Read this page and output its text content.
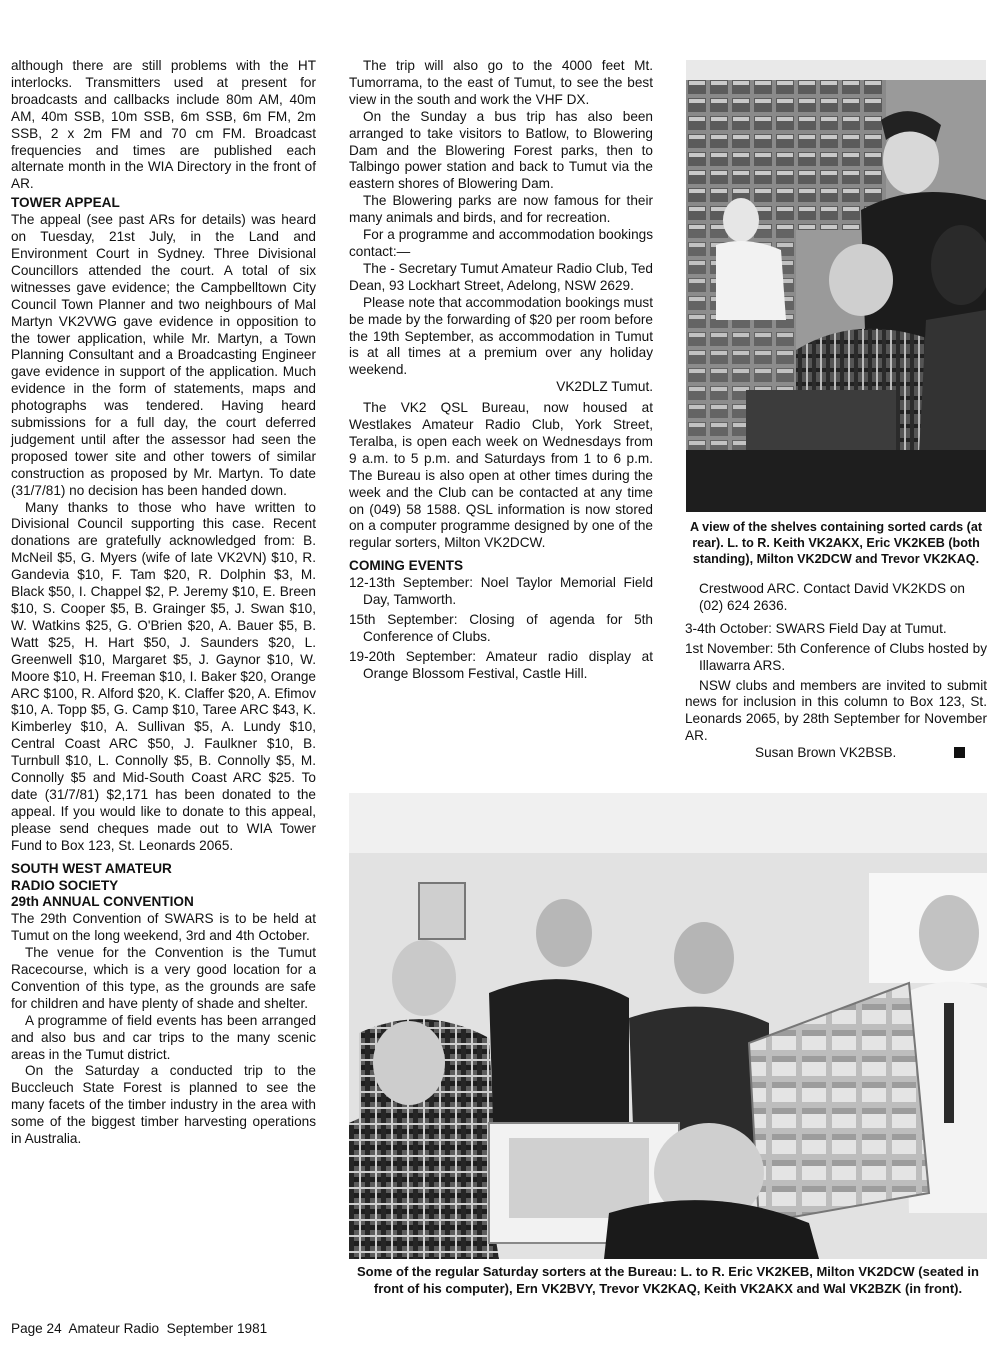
although there are still problems with the HT interlocks. Transmitters used at present for broadcasts and callbacks include 80m AM, 40m AM, 40m SSB, 10m SSB, 6m SSB, 6m FM, 2m SSB, 2 x 2m FM and 70 cm FM. Broadcast frequencies and times are published each alternate month in the WIA Directory in the front of AR.

TOWER APPEAL

The appeal (see past ARs for details) was heard on Tuesday, 21st July, in the Land and Environment Court in Sydney. Three Divisional Councillors attended the court. A total of six witnesses gave evidence; the Campbelltown City Council Town Planner and two neighbours of Mal Martyn VK2VWG gave evidence in opposition to the tower application, while Mr. Martyn, a Town Planning Consultant and a Broadcasting Engineer gave evidence in support of the application. Much evidence in the form of statements, maps and photographs was tendered. Having heard submissions for a full day, the court deferred judgement until after the assessor had seen the proposed tower site and other towers of similar construction as proposed by Mr. Martyn. To date (31/7/81) no decision has been handed down.

Many thanks to those who have written to Divisional Council supporting this case. Recent donations are gratefully acknowledged from: B. McNeil $5, G. Myers (wife of late VK2VN) $10, R. Gandevia $10, F. Tam $20, R. Dolphin $3, M. Black $50, I. Chappel $2, P. Jeremy $10, E. Breen $10, S. Cooper $5, B. Grainger $5, J. Swan $10, W. Watkins $25, G. O'Brien $20, A. Bauer $5, B. Watt $25, H. Hart $50, J. Saunders $20, L. Greenwell $10, Margaret $5, J. Gaynor $10, W. Moore $10, H. Freeman $10, I. Baker $20, Orange ARC $100, R. Alford $20, K. Claffer $20, A. Efimov $10, A. Topp $5, G. Camp $10, Taree ARC $43, K. Kimberley $10, A. Sullivan $5, A. Lundy $10, Central Coast ARC $50, J. Faulkner $10, B. Turnbull $10, L. Connolly $5, B. Connolly $5, M. Connolly $5 and Mid-South Coast ARC $25. To date (31/7/81) $2,171 has been donated to the appeal. If you would like to donate to this appeal, please send cheques made out to WIA Tower Fund to Box 123, St. Leonards 2065.

SOUTH WEST AMATEUR
RADIO SOCIETY
29th ANNUAL CONVENTION

The 29th Convention of SWARS is to be held at Tumut on the long weekend, 3rd and 4th October.

The venue for the Convention is the Tumut Racecourse, which is a very good location for a Convention of this type, as the grounds are safe for children and have plenty of shade and shelter.

A programme of field events has been arranged and also bus and car trips to the many scenic areas in the Tumut district.

On the Saturday a conducted trip to the Buccleuch State Forest is planned to see the many facets of the timber industry in the area with some of the biggest timber harvesting operations in Australia.

The trip will also go to the 4000 feet Mt. Tumorrama, to the east of Tumut, to see the best view in the south and work the VHF DX.

On the Sunday a bus trip has also been arranged to take visitors to Batlow, to Blowering Dam and the Blowering Forest parks, then to Talbingo power station and back to Tumut via the eastern shores of Blowering Dam.

The Blowering parks are now famous for their many animals and birds, and for recreation.

For a programme and accommodation bookings contact:—

The - Secretary Tumut Amateur Radio Club, Ted Dean, 93 Lockhart Street, Adelong, NSW 2629.

Please note that accommodation bookings must be made by the forwarding of $20 per room before the 19th September, as accommodation in Tumut is at all times at a premium over any holiday weekend.

VK2DLZ Tumut.

The VK2 QSL Bureau, now housed at Westlakes Amateur Radio Club, York Street, Teralba, is open each week on Wednesdays from 9 a.m. to 5 p.m. and Saturdays from 1 to 6 p.m. The Bureau is also open at other times during the week and the Club can be contacted at any time on (049) 58 1588. QSL information is now stored on a computer programme designed by one of the regular sorters, Milton VK2DCW.

COMING EVENTS

12-13th September: Noel Taylor Memorial Field Day, Tamworth.

15th September: Closing of agenda for 5th Conference of Clubs.

19-20th September: Amateur radio display at Orange Blossom Festival, Castle Hill.

A view of the shelves containing sorted cards (at rear). L. to R. Keith VK2AKX, Eric VK2KEB (both standing), Milton VK2DCW and Trevor VK2KAQ.

Crestwood ARC. Contact David VK2KDS on (02) 624 2636.

3-4th October: SWARS Field Day at Tumut.

1st November: 5th Conference of Clubs hosted by Illawarra ARS.

NSW clubs and members are invited to submit news for inclusion in this column to Box 123, St. Leonards 2065, by 28th September for November AR.

Susan Brown VK2BSB.

Some of the regular Saturday sorters at the Bureau: L. to R. Eric VK2KEB, Milton VK2DCW (seated in front of his computer), Ern VK2BVY, Trevor VK2KAQ, Keith VK2AKX and Wal VK2BZK (in front).

Page 24  Amateur Radio  September 1981
